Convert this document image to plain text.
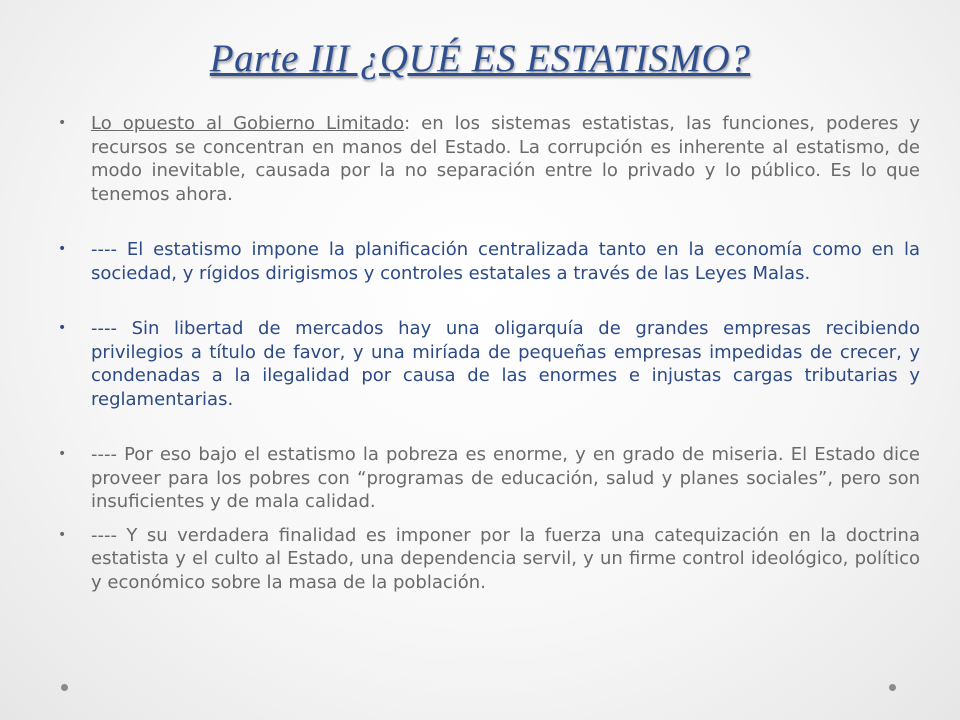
Parte III ¿QUÉ ES ESTATISMO?
• Lo opuesto al Gobierno Limitado: en los sistemas estatistas, las funciones, poderes y recursos se concentran en manos del Estado. La corrupción es inherente al estatismo, de modo inevitable, causada por la no separación entre lo privado y lo público. Es lo que tenemos ahora.
• ---- El estatismo impone la planificación centralizada tanto en la economía como en la sociedad, y rígidos dirigismos y controles estatales a través de las Leyes Malas.
• ---- Sin libertad de mercados hay una oligarquía de grandes empresas recibiendo privilegios a título de favor, y una miríada de pequeñas empresas impedidas de crecer, y condenadas a la ilegalidad por causa de las enormes e injustas cargas tributarias y reglamentarias.
• ---- Por eso bajo el estatismo la pobreza es enorme, y en grado de miseria. El Estado dice proveer para los pobres con “programas de educación, salud y planes sociales”, pero son insuficientes y de mala calidad.
• ---- Y su verdadera finalidad es imponer por la fuerza una catequización en la doctrina estatista y el culto al Estado, una dependencia servil, y un firme control ideológico, político y económico sobre la masa de la población.
